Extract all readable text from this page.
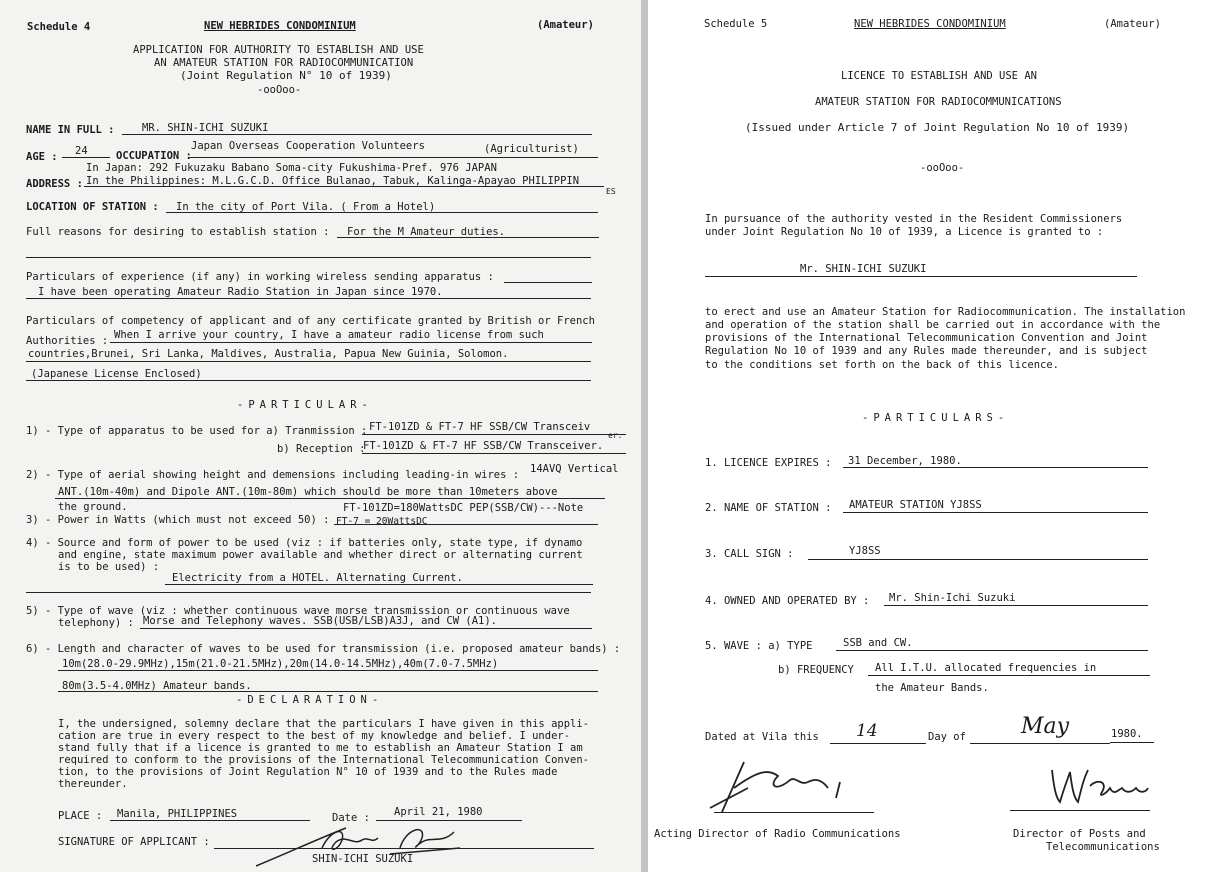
Schedule 4	NEW HEBRIDES CONDOMINIUM	(Amateur)
APPLICATION FOR AUTHORITY TO ESTABLISH AND USE
AN AMATEUR STATION FOR RADIOCOMMUNICATION
(Joint Regulation N° 10 of 1939)
-ooOoo-
NAME IN FULL :	MR. SHIN-ICHI SUZUKI
AGE : 24	OCCUPATION :
Japan Overseas Cooperation Volunteers	(Agriculturist)
In Japan: 292 Fukuzaku Babano Soma-city Fukushima-Pref. 976 JAPAN
ADDRESS : In the Philippines: M.L.G.C.D. Office Bulanao, Tabuk, Kalinga-Apayao PHILIPPIN
ES
LOCATION OF STATION : In the city of Port Vila. ( From a Hotel)
Full reasons for desiring to establish station : For the M Amateur duties.
Particulars of experience (if any) in working wireless sending apparatus :
I have been operating Amateur Radio Station in Japan since 1970.
Particulars of competency of applicant and of any certificate granted by British or French
Authorities : When I arrive your country, I have a amateur radio license from such
countries,Brunei, Sri Lanka, Maldives, Australia, Papua New Guinia, Solomon.
(Japanese License Enclosed)
-PARTICULAR-
1) - Type of apparatus to be used for a) Tranmission : FT-101ZD & FT-7 HF SSB/CW Transceiv
er.
b) Reception :
FT-101ZD & FT-7 HF SSB/CW Transceiver.
2) - Type of aerial showing height and demensions including leading-in wires : 14AVQ Vertical
ANT.(10m-40m) and Dipole ANT.(10m-80m) which should be more than 10meters above
the ground.
3) - Power in Watts (which must not exceed 50) :
FT-101ZD=180WattsDC PEP(SSB/CW)---Note
FT-7 = 20WattsDC
4) - Source and form of power to be used (viz : if batteries only, state type, if dynamo
and engine, state maximum power available and whether direct or alternating current
is to be used) :
Electricity from a HOTEL. Alternating Current.
5) - Type of wave (viz : whether continuous wave morse transmission or continuous wave
telephony) : Morse and Telephony waves. SSB(USB/LSB)A3J, and CW (A1).
6) - Length and character of waves to be used for transmission (i.e. proposed amateur bands) :
10m(28.0-29.9MHz),15m(21.0-21.5MHz),20m(14.0-14.5MHz),40m(7.0-7.5MHz)
80m(3.5-4.0MHz) Amateur bands.
-DECLARATION-
I, the undersigned, solemny declare that the particulars I have given in this appli-
cation are true in every respect to the best of my knowledge and belief. I under-
stand fully that if a licence is granted to me to establish an Amateur Station I am
required to conform to the provisions of the International Telecommunication Conven-
tion, to the provisions of Joint Regulation N° 10 of 1939 and to the Rules made
thereunder.
PLACE : Manila, PHILIPPINES	Date : April 21, 1980
SIGNATURE OF APPLICANT :
SHIN-ICHI SUZUKI
Schedule 5	NEW HEBRIDES CONDOMINIUM	(Amateur)
LICENCE TO ESTABLISH AND USE AN
AMATEUR STATION FOR RADIOCOMMUNICATIONS
(Issued under Article 7 of Joint Regulation No 10 of 1939)
-ooOoo-
In pursuance of the authority vested in the Resident Commissioners
under Joint Regulation No 10 of 1939, a Licence is granted to :
Mr. SHIN-ICHI SUZUKI
to erect and use an Amateur Station for Radiocommunication. The installation
and operation of the station shall be carried out in accordance with the
provisions of the International Telecommunication Convention and Joint
Regulation No 10 of 1939 and any Rules made thereunder, and is subject
to the conditions set forth on the back of this licence.
-PARTICULARS-
1. LICENCE EXPIRES : 31 December, 1980.
2. NAME OF STATION : AMATEUR STATION YJ8SS
3. CALL SIGN :	YJ8SS
4. OWNED AND OPERATED BY : Mr. Shin-Ichi Suzuki
5. WAVE : a) TYPE	SSB and CW.
b) FREQUENCY All I.T.U. allocated frequencies in
the Amateur Bands.
Dated at Vila this 14	Day of	May	1980.
Acting Director of Radio Communications	Director of Posts and
Telecommunications
